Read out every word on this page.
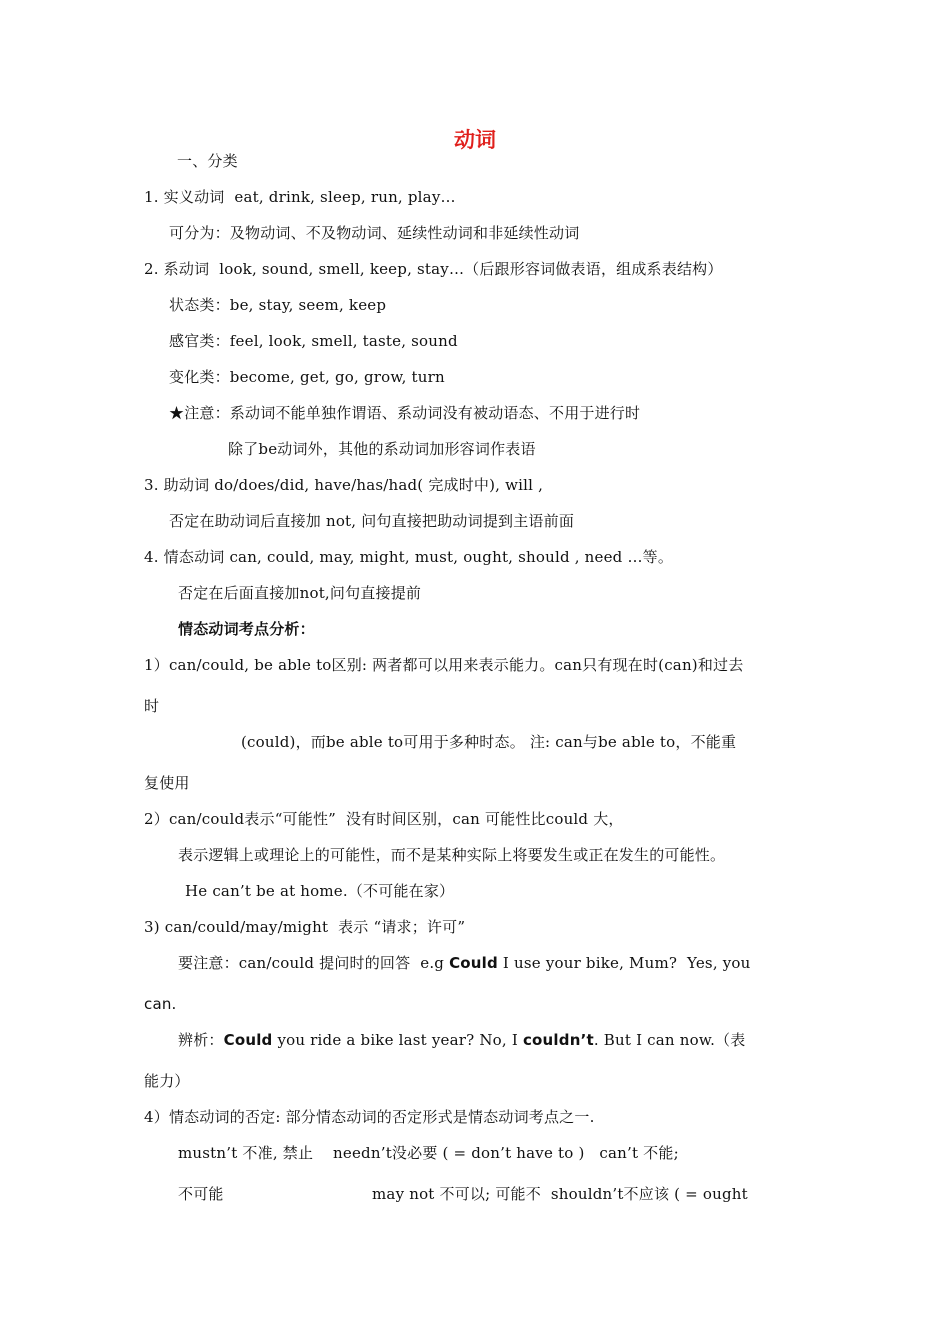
动词
一、分类
1. 实义动词  eat, drink, sleep, run, play…
可分为：及物动词、不及物动词、延续性动词和非延续性动词
2. 系动词  look, sound, smell, keep, stay…（后跟形容词做表语，组成系表结构）
状态类：be, stay, seem, keep
感官类：feel, look, smell, taste, sound
变化类：become, get, go, grow, turn
★注意：系动词不能单独作谓语、系动词没有被动语态、不用于进行时
除了be动词外，其他的系动词加形容词作表语
3. 助动词 do/does/did, have/has/had( 完成时中), will ,
否定在助动词后直接加 not, 问句直接把助动词提到主语前面
4. 情态动词 can, could, may, might, must, ought, should , need …等。
否定在后面直接加not,问句直接提前
情态动词考点分析：
1）can/could, be able to区别: 两者都可以用来表示能力。can只有现在时(can)和过去
时
(could)，而be able to可用于多种时态。 注: can与be able to，不能重
复使用
2）can/could表示“可能性”  没有时间区别，can 可能性比could 大，
表示逻辑上或理论上的可能性，而不是某种实际上将要发生或正在发生的可能性。
He can’t be at home.（不可能在家）
3) can/could/may/might  表示 “请求；许可”
要注意：can/could 提问时的回答  e.g Could I use your bike, Mum?  Yes, you
can.
辨析：Could you ride a bike last year? No, I couldn’t. But I can now.（表
能力）
4）情态动词的否定: 部分情态动词的否定形式是情态动词考点之一.
mustn’t 不准, 禁止    needn’t没必要 ( = don’t have to )   can’t 不能;
不可能	may not 不可以; 可能不  shouldn’t不应该 ( = ought
